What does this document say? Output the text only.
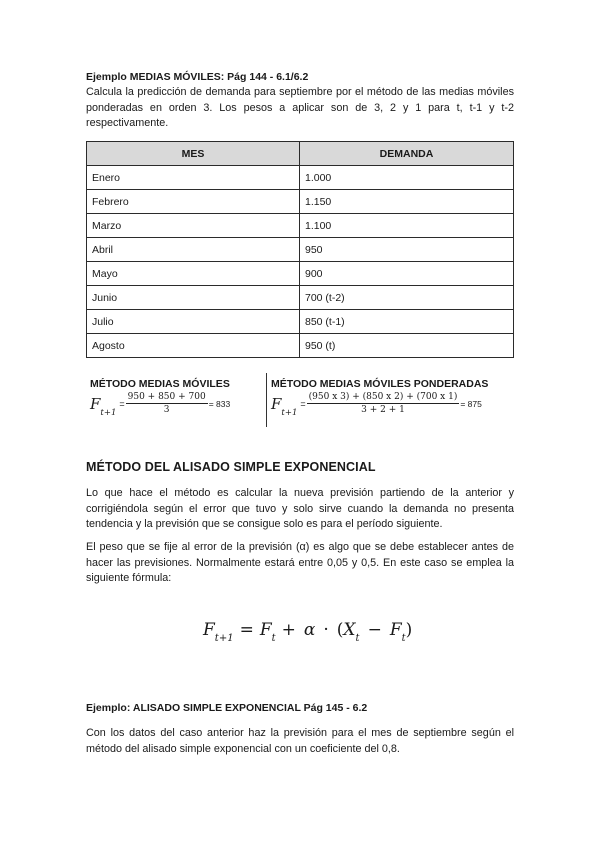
Ejemplo MEDIAS MÓVILES: Pág 144 - 6.1/6.2
Calcula la predicción de demanda para septiembre por el método de las medias móviles ponderadas en orden 3. Los pesos a aplicar son de 3, 2 y 1 para t, t-1 y t-2 respectivamente.
MES	DEMANDA
Enero	1.000
Febrero	1.150
Marzo	1.100
Abril	950
Mayo	900
Junio	700 (t-2)
Julio	850 (t-1)
Agosto	950 (t)
MÉTODO MEDIAS MÓVILES
F t+1
= $\frac{950 + 850 + 700}{3} = 833$
MÉTODO MEDIAS MÓVILES PONDERADAS
F t+1
= $\frac{(950 x 3) + (850 x 2) + (700 x 1)}{3 + 2 + 1} = 875$
MÉTODO DEL ALISADO SIMPLE EXPONENCIAL
Lo que hace el método es calcular la nueva previsión partiendo de la anterior y corrigiéndola según el error que tuvo y solo sirve cuando la demanda no presenta tendencia y la previsión que se consigue solo es para el período siguiente.
El peso que se fije al error de la previsión (α) es algo que se debe establecer antes de hacer las previsiones. Normalmente estará entre 0,05 y 0,5. En este caso se emplea la siguiente fórmula:
F t+1 = F t + α · ( X t − F t )
Ejemplo: ALISADO SIMPLE EXPONENCIAL Pág 145 - 6.2
Con los datos del caso anterior haz la previsión para el mes de septiembre según el método del alisado simple exponencial con un coeficiente del 0,8.
